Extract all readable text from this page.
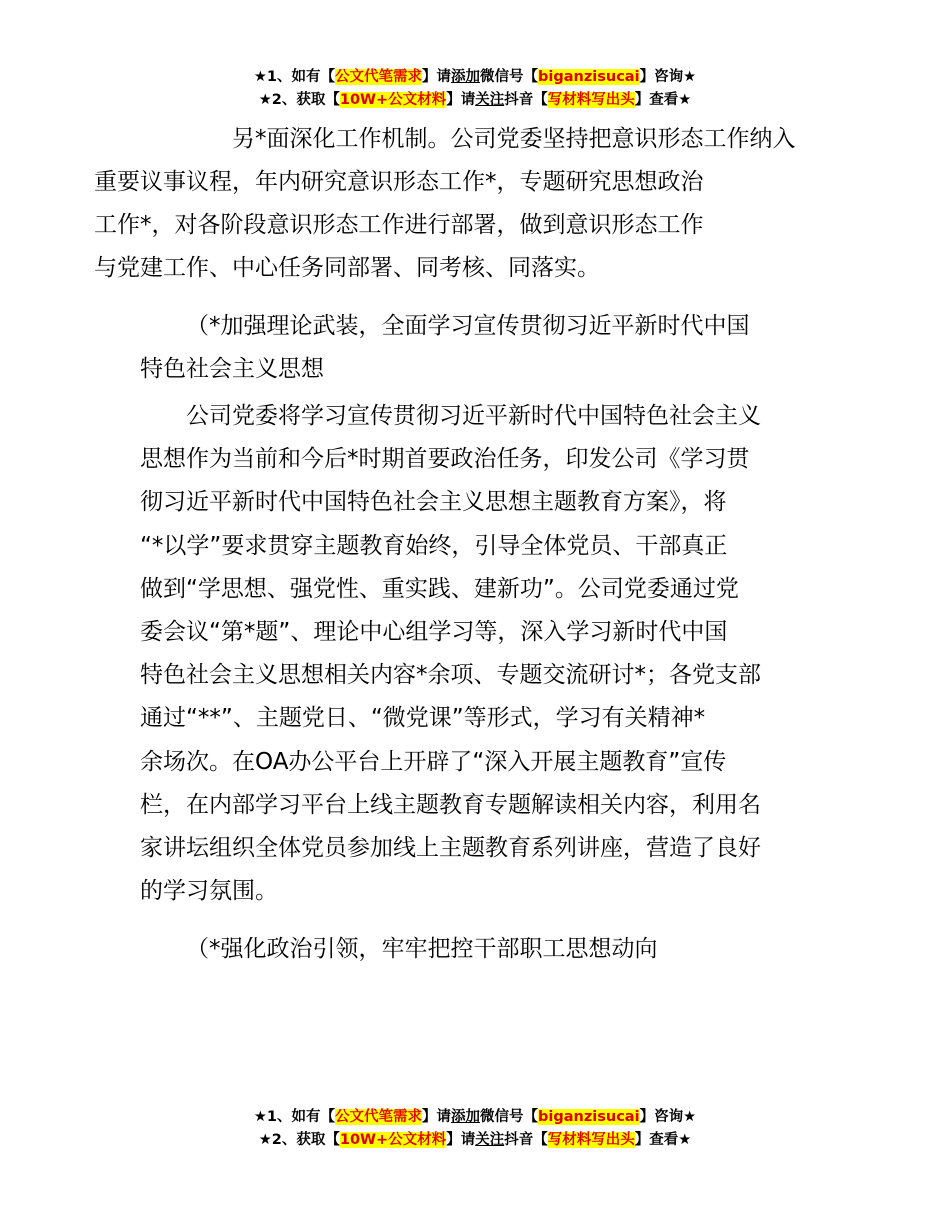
★1、如有【公文代笔需求】请添加微信号【biganzisucai】咨询★
★2、获取【10W+公文材料】请关注抖音【写材料写出头】查看★

另*面深化工作机制。公司党委坚持把意识形态工作纳入
重要议事议程，年内研究意识形态工作*，专题研究思想政治
工作*，对各阶段意识形态工作进行部署，做到意识形态工作
与党建工作、中心任务同部署、同考核、同落实。

（*加强理论武装，全面学习宣传贯彻习近平新时代中国
特色社会主义思想
公司党委将学习宣传贯彻习近平新时代中国特色社会主义
思想作为当前和今后*时期首要政治任务，印发公司《学习贯
彻习近平新时代中国特色社会主义思想主题教育方案》，将
“*以学”要求贯穿主题教育始终，引导全体党员、干部真正
做到“学思想、强党性、重实践、建新功”。公司党委通过党
委会议“第*题”、理论中心组学习等，深入学习新时代中国
特色社会主义思想相关内容*余项、专题交流研讨*；各党支部
通过“**”、主题党日、“微党课”等形式，学习有关精神*
余场次。在OA办公平台上开辟了“深入开展主题教育”宣传
栏，在内部学习平台上线主题教育专题解读相关内容，利用名
家讲坛组织全体党员参加线上主题教育系列讲座，营造了良好
的学习氛围。
（*强化政治引领，牢牢把控干部职工思想动向
★1、如有【公文代笔需求】请添加微信号【biganzisucai】咨询★
★2、获取【10W+公文材料】请关注抖音【写材料写出头】查看★
